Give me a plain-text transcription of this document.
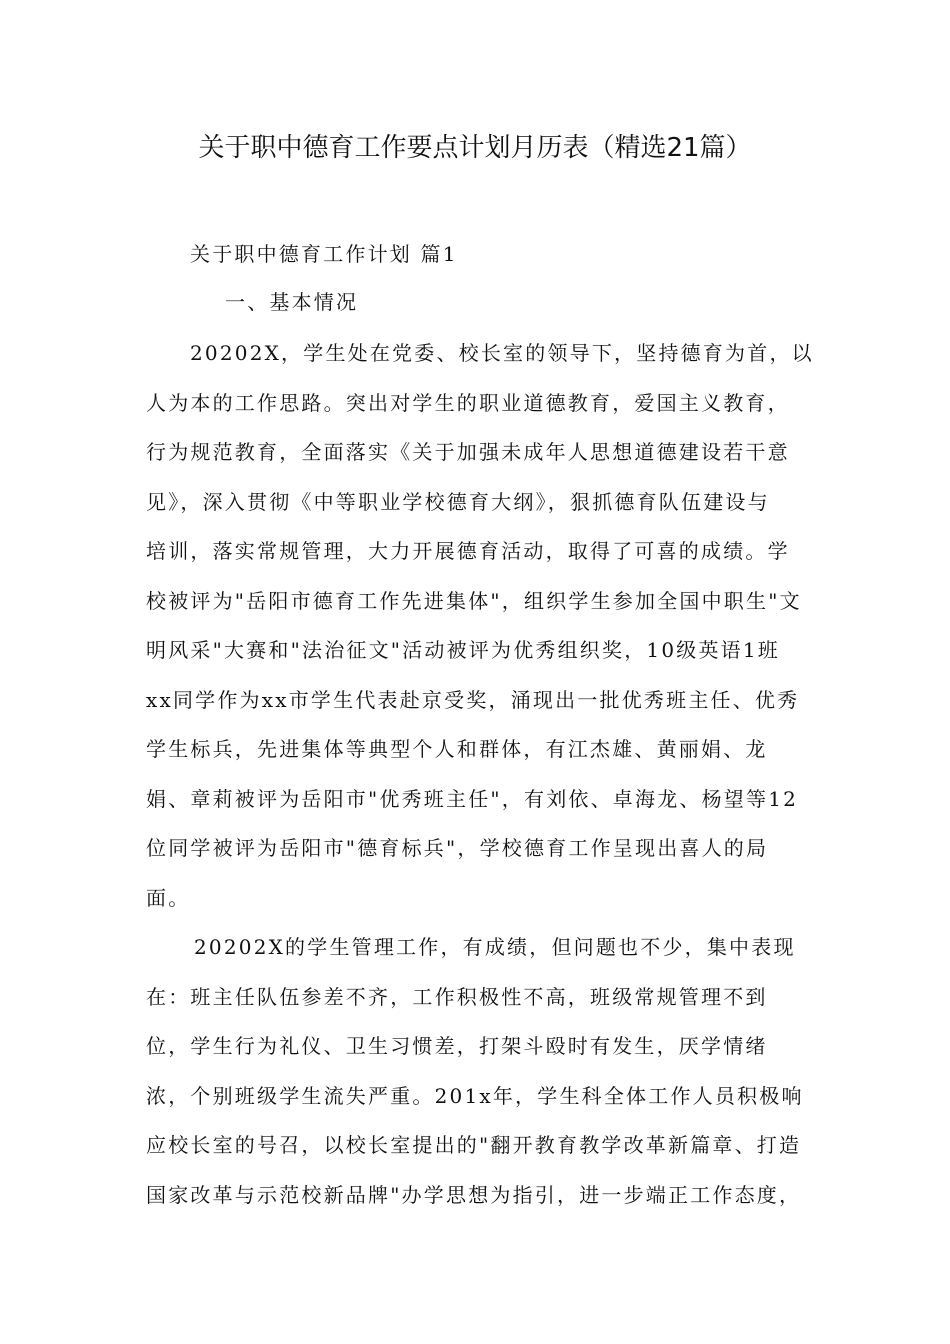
关于职中德育工作要点计划月历表（精选21篇）
关于职中德育工作计划 篇1
一、基本情况
20202X，学生处在党委、校长室的领导下，坚持德育为首，以
人为本的工作思路。突出对学生的职业道德教育，爱国主义教育，
行为规范教育，全面落实《关于加强未成年人思想道德建设若干意
见》，深入贯彻《中等职业学校德育大纲》，狠抓德育队伍建设与
培训，落实常规管理，大力开展德育活动，取得了可喜的成绩。学
校被评为"岳阳市德育工作先进集体"，组织学生参加全国中职生"文
明风采"大赛和"法治征文"活动被评为优秀组织奖，10级英语1班
xx同学作为xx市学生代表赴京受奖，涌现出一批优秀班主任、优秀
学生标兵，先进集体等典型个人和群体，有江杰雄、黄丽娟、龙
娟、章莉被评为岳阳市"优秀班主任"，有刘依、卓海龙、杨望等12
位同学被评为岳阳市"德育标兵"，学校德育工作呈现出喜人的局
面。
20202X的学生管理工作，有成绩，但问题也不少，集中表现
在：班主任队伍参差不齐，工作积极性不高，班级常规管理不到
位，学生行为礼仪、卫生习惯差，打架斗殴时有发生，厌学情绪
浓，个别班级学生流失严重。201x年，学生科全体工作人员积极响
应校长室的号召，以校长室提出的"翻开教育教学改革新篇章、打造
国家改革与示范校新品牌"办学思想为指引，进一步端正工作态度，
